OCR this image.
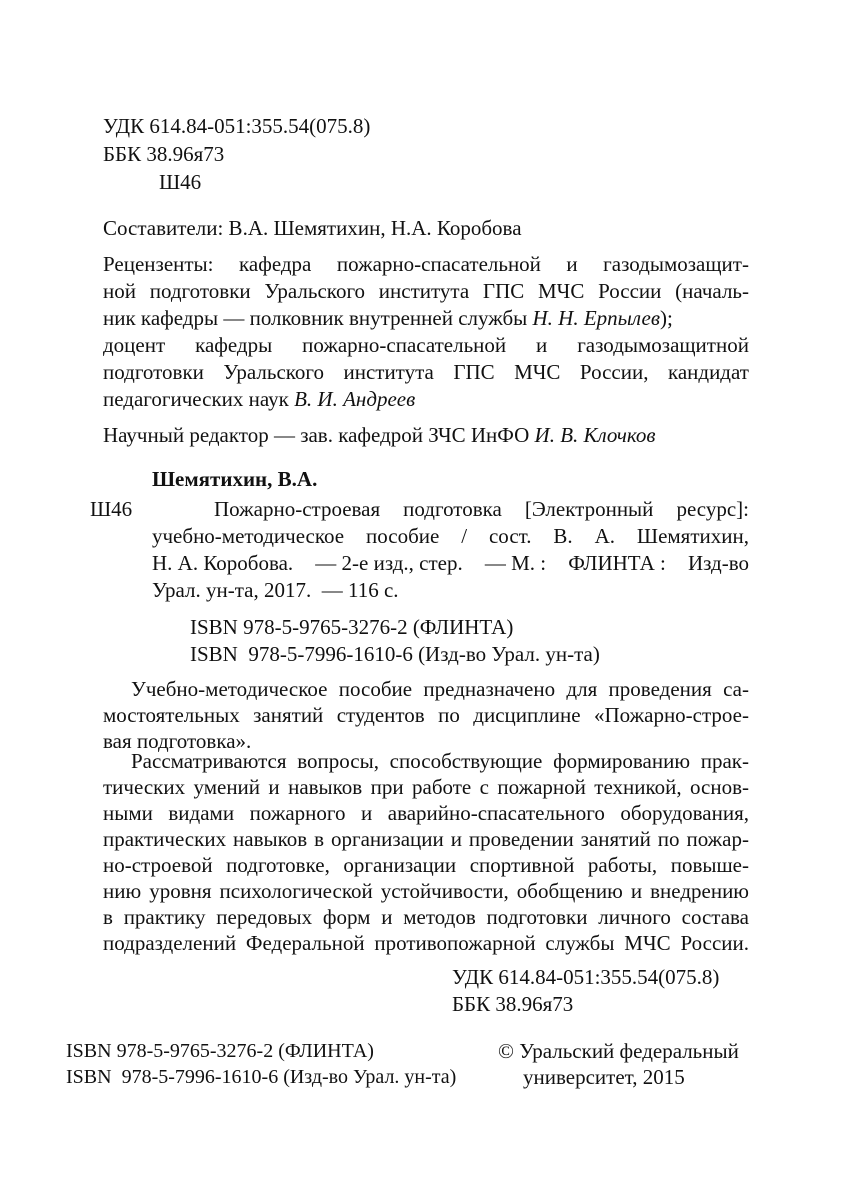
УДК 614.84-051:355.54(075.8)
ББК 38.96я73
Ш46
Составители: В.А. Шемятихин, Н.А. Коробова
Рецензенты: кафедра пожарно-спасательной и газодымозащит-
ной подготовки Уральского института ГПС МЧС России (началь-
ник кафедры — полковник внутренней службы Н. Н. Ерпылев);
доцент кафедры пожарно-спасательной и газодымозащитной
подготовки Уральского института ГПС МЧС России, кандидат
педагогических наук В. И. Андреев
Научный редактор — зав. кафедрой ЗЧС ИнФО И. В. Клочков
Шемятихин, В.А.
Ш46	Пожарно-строевая подготовка [Электронный ресурс]:
учебно-методическое пособие / сост. В. А. Шемятихин,
Н. А. Коробова. — 2-е изд., стер. — М. : ФЛИНТА : Изд-во
Урал. ун-та, 2017.  — 116 с.
ISBN 978-5-9765-3276-2 (ФЛИНТА)
ISBN  978-5-7996-1610-6 (Изд-во Урал. ун-та)
Учебно-методическое пособие предназначено для проведения са-
мостоятельных занятий студентов по дисциплине «Пожарно-строе-
вая подготовка».
Рассматриваются вопросы, способствующие формированию прак-
тических умений и навыков при работе с пожарной техникой, основ-
ными видами пожарного и аварийно-спасательного оборудования,
практических навыков в организации и проведении занятий по пожар-
но-строевой подготовке, организации спортивной работы, повыше-
нию уровня психологической устойчивости, обобщению и внедрению
в практику передовых форм и методов подготовки личного состава
подразделений Федеральной противопожарной службы МЧС России.
УДК 614.84-051:355.54(075.8)
ББК 38.96я73
ISBN 978-5-9765-3276-2 (ФЛИНТА)
ISBN  978-5-7996-1610-6 (Изд-во Урал. ун-та)
© Уральский федеральный
университет, 2015
